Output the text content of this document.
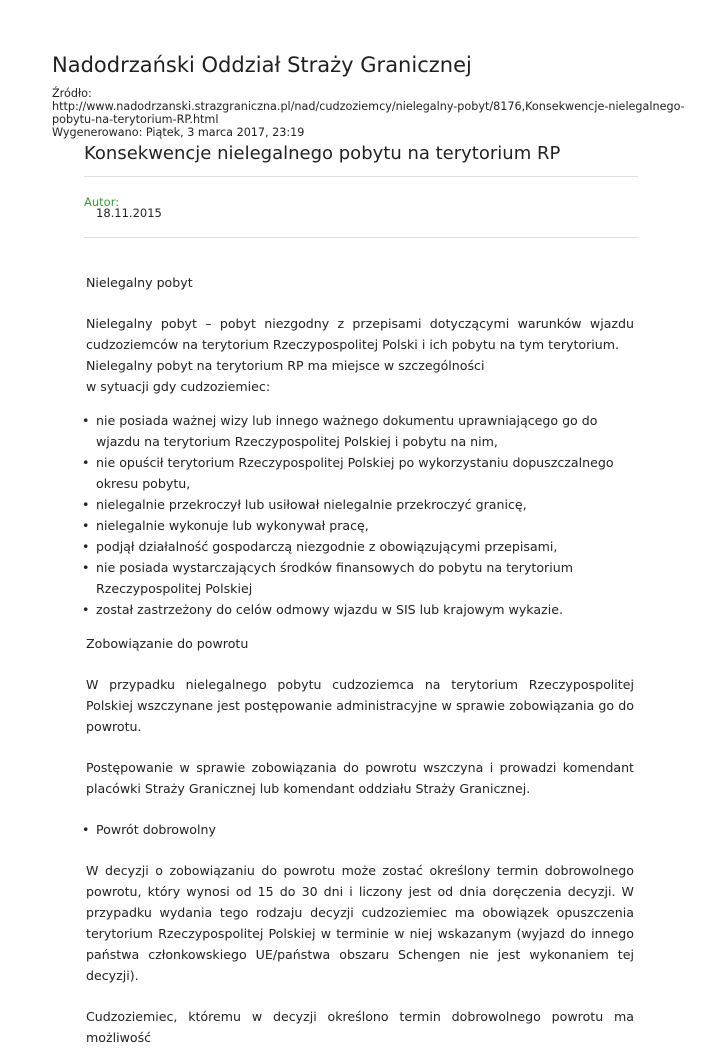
Nadodrzański Oddział Straży Granicznej
Źródło:
http://www.nadodrzanski.strazgraniczna.pl/nad/cudzoziemcy/nielegalny-pobyt/8176,Konsekwencje-nielegalnego-
pobytu-na-terytorium-RP.html
Wygenerowano: Piątek, 3 marca 2017, 23:19
Konsekwencje nielegalnego pobytu na terytorium RP
Autor:
18.11.2015

Nielegalny pobyt

Nielegalny pobyt – pobyt niezgodny z przepisami dotyczącymi warunków wjazdu cudzoziemców na terytorium Rzeczypospolitej Polski i ich pobytu na tym terytorium.

Nielegalny pobyt na terytorium RP ma miejsce w szczególności

w sytuacji gdy cudzoziemiec:

• nie posiada ważnej wizy lub innego ważnego dokumentu uprawniającego go do wjazdu na terytorium Rzeczypospolitej Polskiej i pobytu na nim,
• nie opuścił terytorium Rzeczypospolitej Polskiej po wykorzystaniu dopuszczalnego okresu pobytu,
• nielegalnie przekroczył lub usiłował nielegalnie przekroczyć granicę,
• nielegalnie wykonuje lub wykonywał pracę,
• podjął działalność gospodarczą niezgodnie z obowiązującymi przepisami,
• nie posiada wystarczających środków finansowych do pobytu na terytorium Rzeczypospolitej Polskiej
• został zastrzeżony do celów odmowy wjazdu w SIS lub krajowym wykazie.

Zobowiązanie do powrotu

W przypadku nielegalnego pobytu cudzoziemca na terytorium Rzeczypospolitej Polskiej wszczynane jest postępowanie administracyjne w sprawie zobowiązania go do powrotu.

Postępowanie w sprawie zobowiązania do powrotu wszczyna i prowadzi komendant placówki Straży Granicznej lub komendant oddziału Straży Granicznej.

• Powrót dobrowolny

W decyzji o zobowiązaniu do powrotu może zostać określony termin dobrowolnego powrotu, który wynosi od 15 do 30 dni i liczony jest od dnia doręczenia decyzji. W przypadku wydania tego rodzaju decyzji cudzoziemiec ma obowiązek opuszczenia terytorium Rzeczypospolitej Polskiej w terminie w niej wskazanym (wyjazd do innego państwa członkowskiego UE/państwa obszaru Schengen nie jest wykonaniem tej decyzji).

Cudzoziemiec, któremu w decyzji określono termin dobrowolnego powrotu ma możliwość
